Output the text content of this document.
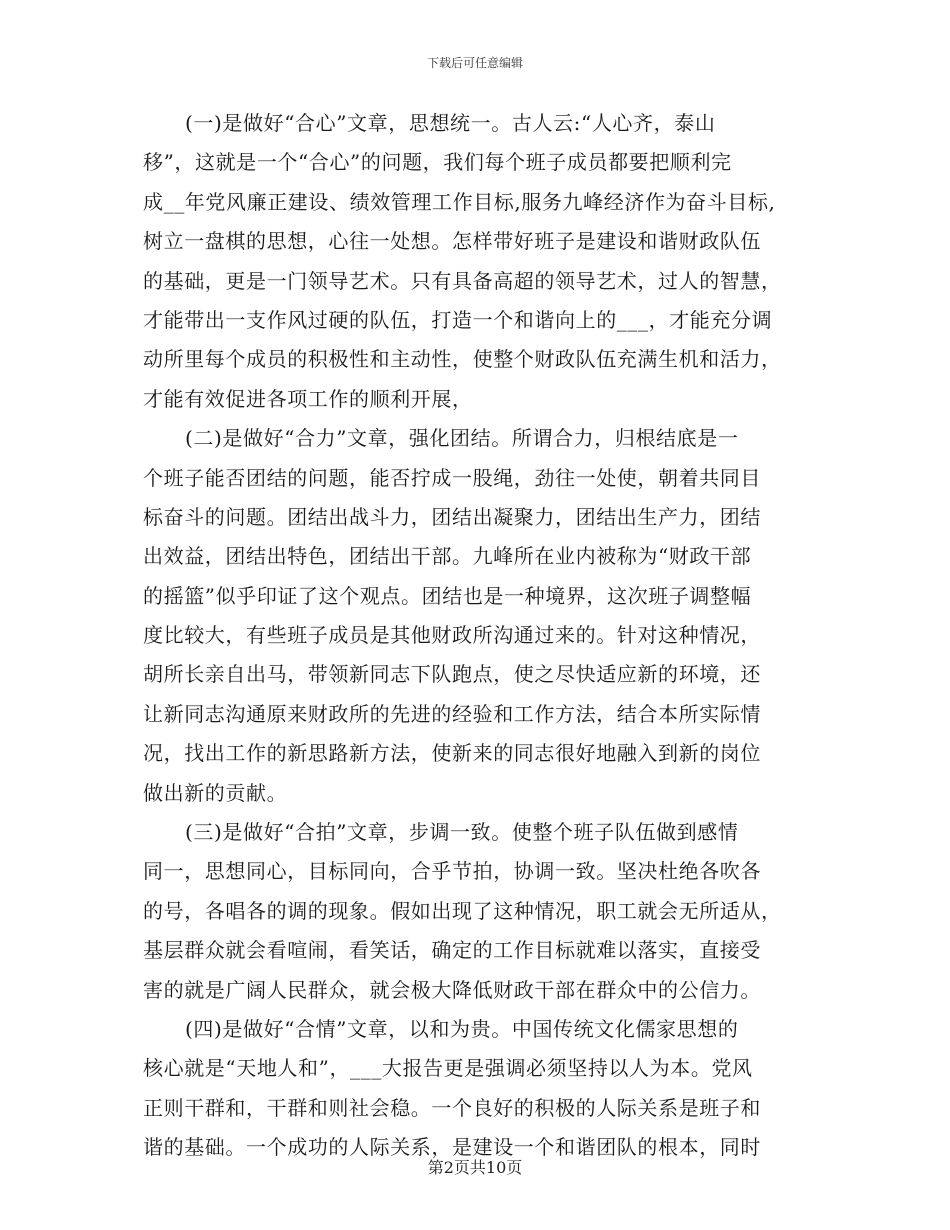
下载后可任意编辑
(一)是做好“合心”文章，思想统一。古人云:“人心齐，泰山
移”，这就是一个“合心”的问题，我们每个班子成员都要把顺利完
成__年党风廉正建设、绩效管理工作目标,服务九峰经济作为奋斗目标,
树立一盘棋的思想，心往一处想。怎样带好班子是建设和谐财政队伍
的基础，更是一门领导艺术。只有具备高超的领导艺术，过人的智慧，
才能带出一支作风过硬的队伍，打造一个和谐向上的___，才能充分调
动所里每个成员的积极性和主动性，使整个财政队伍充满生机和活力，
才能有效促进各项工作的顺利开展，
(二)是做好“合力”文章，强化团结。所谓合力，归根结底是一
个班子能否团结的问题，能否拧成一股绳，劲往一处使，朝着共同目
标奋斗的问题。团结出战斗力，团结出凝聚力，团结出生产力，团结
出效益，团结出特色，团结出干部。九峰所在业内被称为“财政干部
的摇篮”似乎印证了这个观点。团结也是一种境界，这次班子调整幅
度比较大，有些班子成员是其他财政所沟通过来的。针对这种情况，
胡所长亲自出马，带领新同志下队跑点，使之尽快适应新的环境，还
让新同志沟通原来财政所的先进的经验和工作方法，结合本所实际情
况，找出工作的新思路新方法，使新来的同志很好地融入到新的岗位
做出新的贡献。
(三)是做好“合拍”文章，步调一致。使整个班子队伍做到感情
同一，思想同心，目标同向，合乎节拍，协调一致。坚决杜绝各吹各
的号，各唱各的调的现象。假如出现了这种情况，职工就会无所适从，
基层群众就会看喧闹，看笑话，确定的工作目标就难以落实，直接受
害的就是广阔人民群众，就会极大降低财政干部在群众中的公信力。
(四)是做好“合情”文章，以和为贵。中国传统文化儒家思想的
核心就是“天地人和”，___大报告更是强调必须坚持以人为本。党风
正则干群和，干群和则社会稳。一个良好的积极的人际关系是班子和
谐的基础。一个成功的人际关系，是建设一个和谐团队的根本，同时
第2页共10页
